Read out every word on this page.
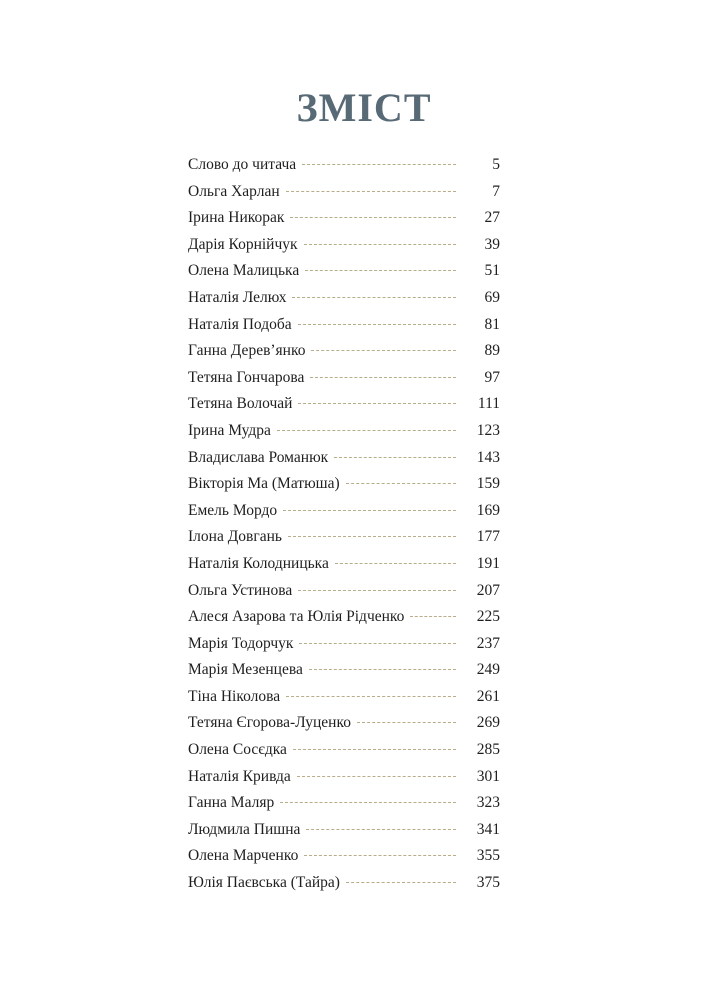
ЗМІСТ
Слово до читача	5
Ольга Харлан	7
Ірина Никорак	27
Дарія Корнійчук	39
Олена Малицька	51
Наталія Лелюх	69
Наталія Подоба	81
Ганна Дерев’янко	89
Тетяна Гончарова	97
Тетяна Волочай	111
Ірина Мудра	123
Владислава Романюк	143
Вікторія Ма (Матюша)	159
Емель Мордо	169
Ілона Довгань	177
Наталія Колодницька	191
Ольга Устинова	207
Алеся Азарова та Юлія Рідченко	225
Марія Тодорчук	237
Марія Мезенцева	249
Тіна Ніколова	261
Тетяна Єгорова-Луценко	269
Олена Сосєдка	285
Наталія Кривда	301
Ганна Маляр	323
Людмила Пишна	341
Олена Марченко	355
Юлія Паєвська (Тайра)	375
